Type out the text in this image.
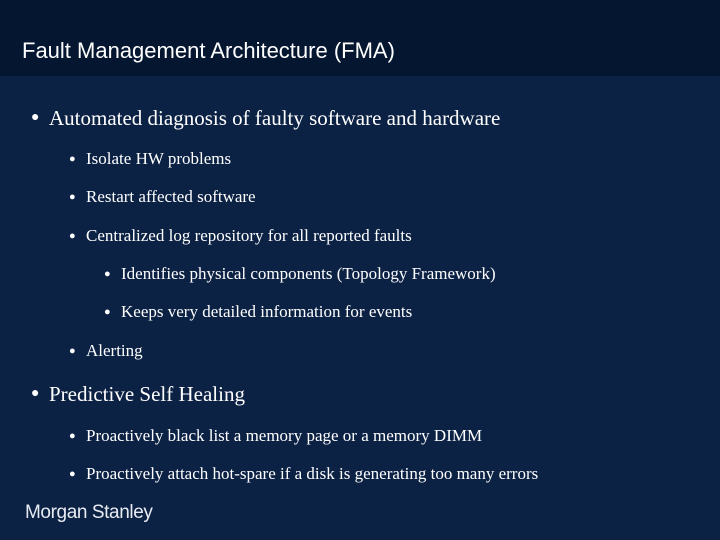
Fault Management Architecture (FMA)
● Automated diagnosis of faulty software and hardware
● Isolate HW problems
● Restart affected software
● Centralized log repository for all reported faults
● Identifies physical components (Topology Framework)
● Keeps very detailed information for events
● Alerting
● Predictive Self Healing
● Proactively black list a memory page or a memory DIMM
● Proactively attach hot-spare if a disk is generating too many errors
Morgan Stanley
